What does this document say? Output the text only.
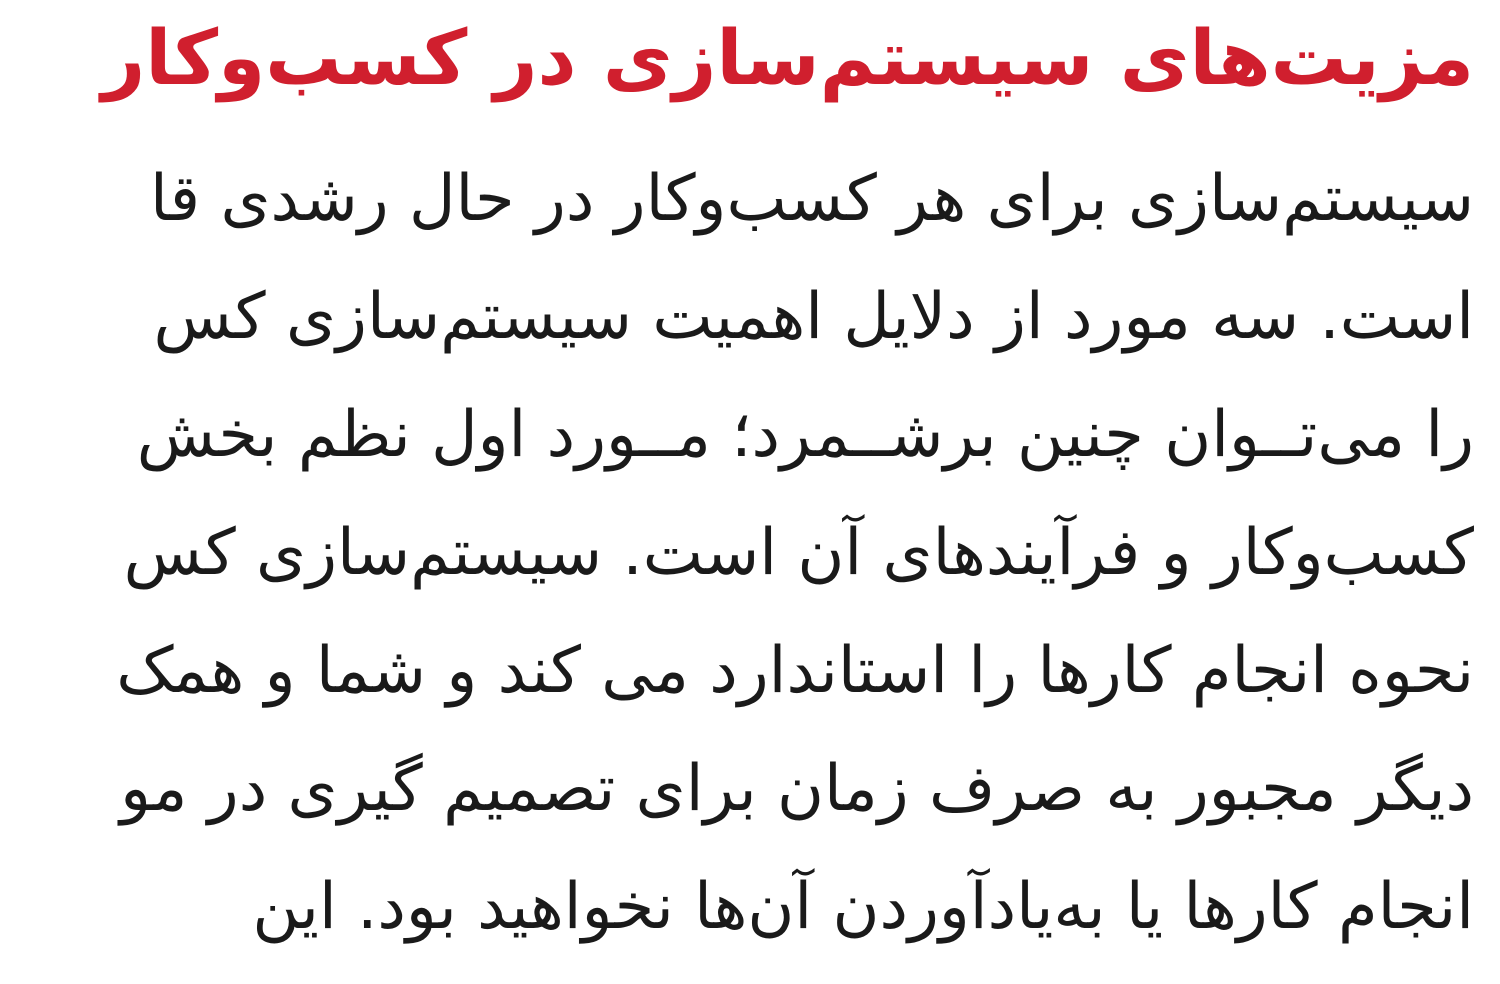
مزیت‌های سیستم‌سازی در کسب‌وکار
سیستم‌سازی برای هر کسب‌وکار در حال رشدی قا
است. سه مورد از دلایل اهمیت سیستم‌سازی کس
را می‌تــوان چنین برشــمرد؛ مــورد اول نظم بخش
کسب‌وکار و فرآیندهای آن است. سیستم‌سازی کس
نحوه انجام کارها را استاندارد می کند و شما و همک
دیگر مجبور به صرف زمان برای تصمیم گیری در مو
انجام کارها یا به‌یادآوردن آن‌ها نخواهید بود. این
